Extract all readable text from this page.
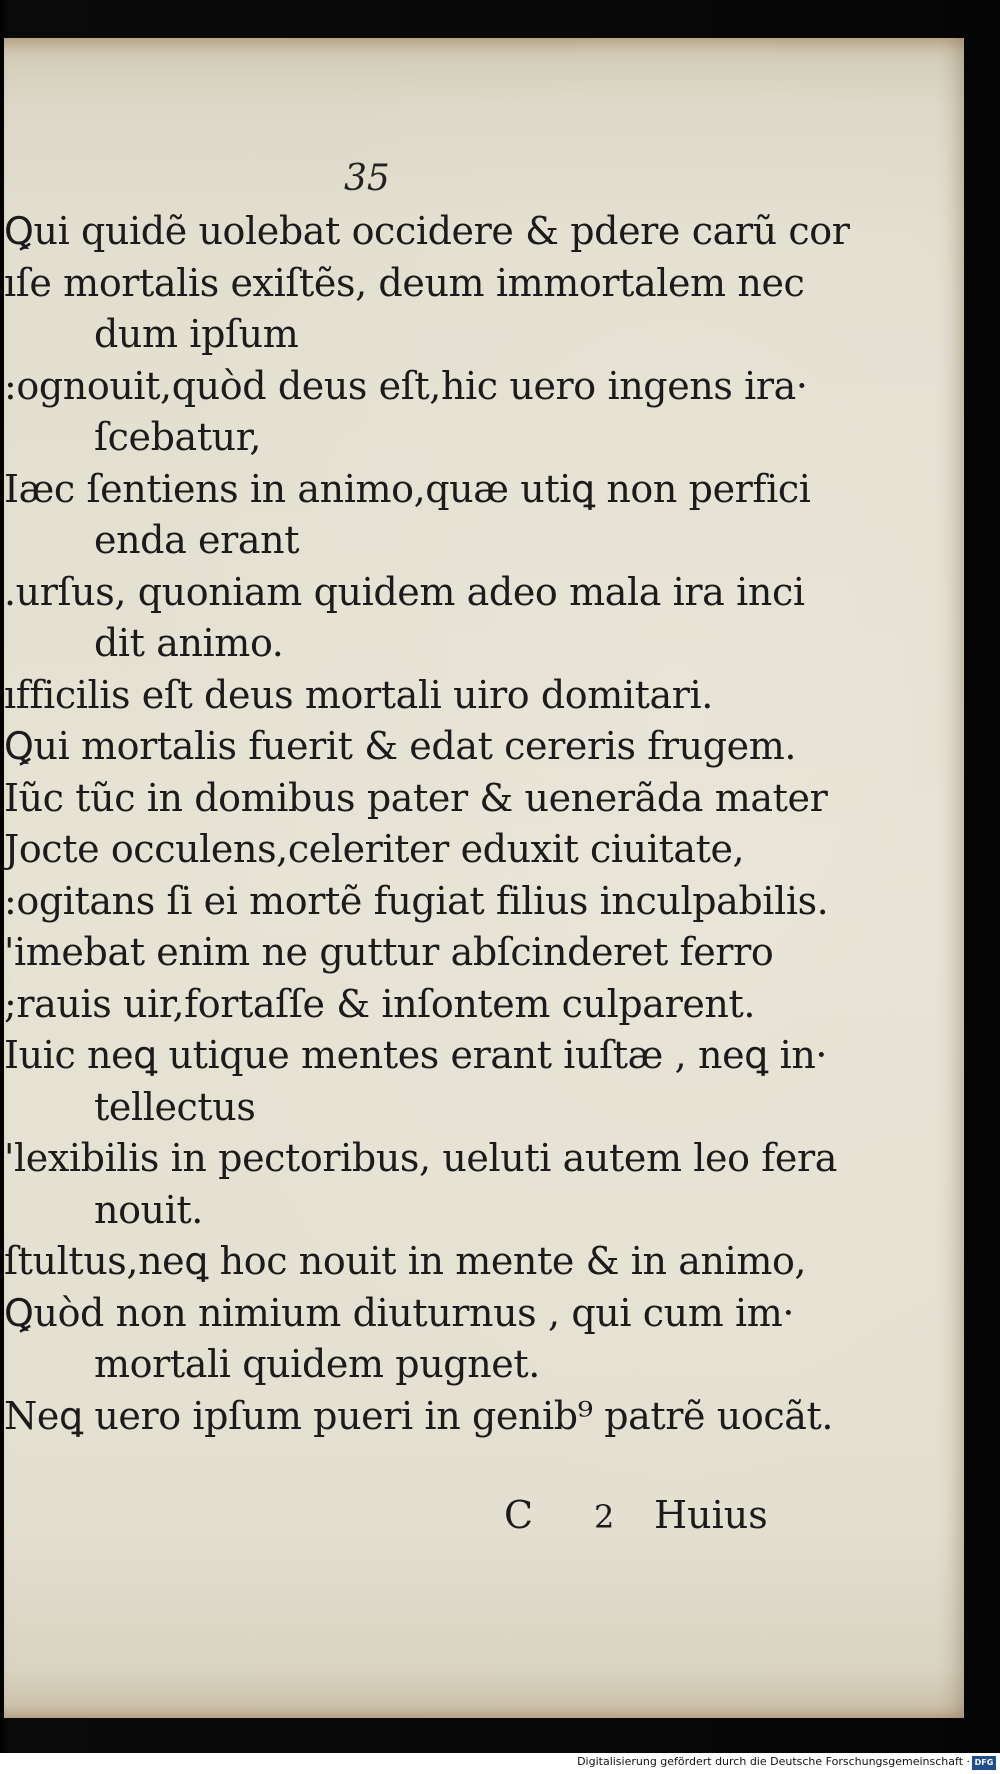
35
Ꝗui quidẽ uolebat occidere & pdere carũ cor
ıſe mortalis exiſtẽs, deum immortalem nec
dum ipſum
:ognouit,quòd deus eſt,hic uero ingens ira·
ſcebatur,
Iæc ſentiens in animo,quæ utiꝗ non perfici
enda erant
.urſus, quoniam quidem adeo mala ira inci
dit animo.
ıfficilis eſt deus mortali uiro domitari.
Ꝗui mortalis fuerit & edat cereris frugem.
Iũc tũc in domibus pater & uenerãda mater
Jocte occulens,celeriter eduxit ciuitate,
:ogitans ſi ei mortẽ fugiat filius inculpabilis.
'imebat enim ne guttur abſcinderet ferro
;rauis uir,fortaſſe & inſontem culparent.
Iuic neꝗ utique mentes erant iuſtæ , neꝗ in·
tellectus
'lexibilis in pectoribus, ueluti autem leo fera
nouit.
ſtultus,neꝗ hoc nouit in mente & in animo,
Ꝗuòd non nimium diuturnus , qui cum im·
mortali quidem pugnet.
Neꝗ uero ipſum pueri in genib⁹ patrẽ uocãt.
C 2 Huius
Digitalisierung gefördert durch die Deutsche Forschungsgemeinschaft · DFG
